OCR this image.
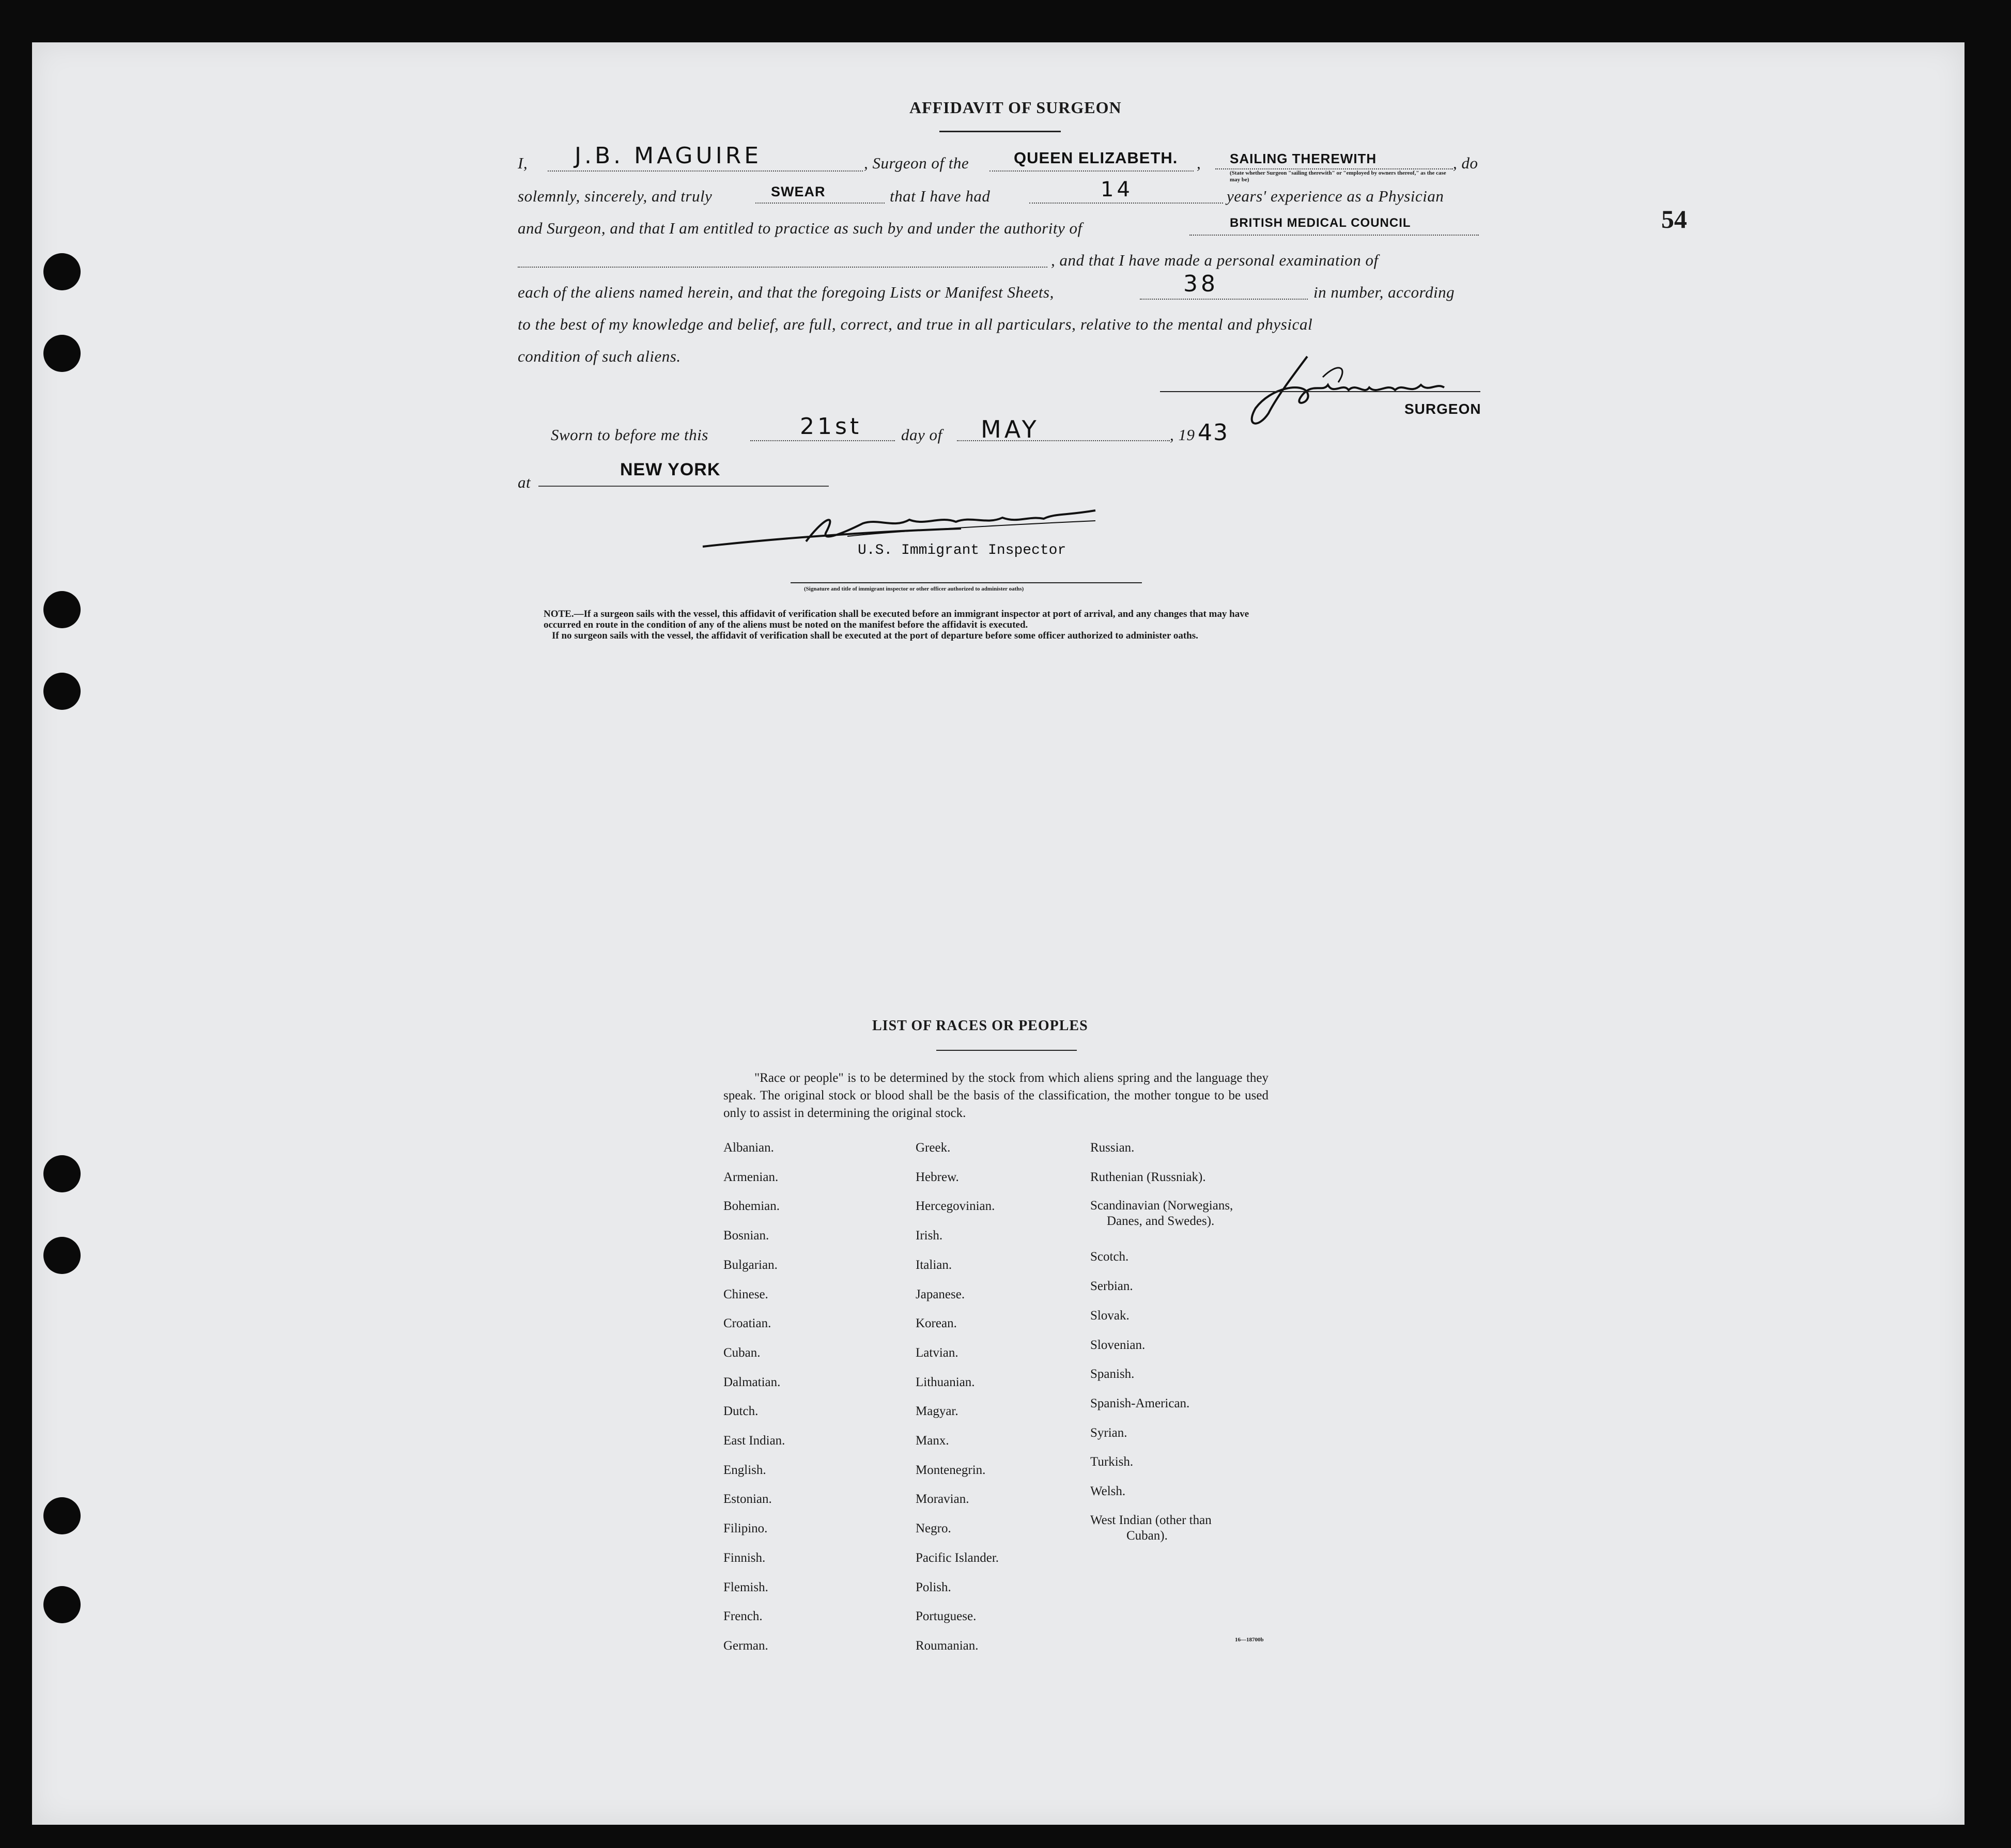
54
AFFIDAVIT OF SURGEON
I, J.B. MAGUIRE	, Surgeon of the	QUEEN ELIZABETH. , SAILING THEREWITH
(State whether Surgeon "sailing therewith" or "employed by owners thereof," as the case may be)
, do
solemnly, sincerely, and truly	SWEAR	that I have had	14	years' experience as a Physician
and Surgeon, and that I am entitled to practice as such by and under the authority of	BRITISH MEDICAL COUNCIL
, and that I have made a personal examination of
each of the aliens named herein, and that the foregoing Lists or Manifest Sheets,	38	in number, according
to the best of my knowledge and belief, are full, correct, and true in all particulars, relative to the mental and physical
condition of such aliens.
SURGEON
Sworn to before me this	21st day of MAY	, 19 43
at
NEW YORK
U.S. Immigrant Inspector
(Signature and title of immigrant inspector or other officer authorized to administer oaths)
NOTE.—If a surgeon sails with the vessel, this affidavit of verification shall be executed before an immigrant inspector at port of arrival, and any changes that may have
occurred en route in the condition of any of the aliens must be noted on the manifest before the affidavit is executed.
If no surgeon sails with the vessel, the affidavit of verification shall be executed at the port of departure before some officer authorized to administer oaths.
LIST OF RACES OR PEOPLES
"Race or people" is to be determined by the stock from which aliens spring and the language they speak. The original stock or blood shall be the basis of the classification, the mother tongue to be used only to assist in determining the original stock.
Albanian.
Armenian.
Bohemian.
Bosnian.
Bulgarian.
Chinese.
Croatian.
Cuban.
Dalmatian.
Dutch.
East Indian.
English.
Estonian.
Filipino.
Finnish.
Flemish.
French.
German.
Greek.
Hebrew.
Hercegovinian.
Irish.
Italian.
Japanese.
Korean.
Latvian.
Lithuanian.
Magyar.
Manx.
Montenegrin.
Moravian.
Negro.
Pacific Islander.
Polish.
Portuguese.
Roumanian.
Russian.
Ruthenian (Russniak).
Scandinavian (Norwegians,
Danes, and Swedes).
Scotch.
Serbian.
Slovak.
Slovenian.
Spanish.
Spanish-American.
Syrian.
Turkish.
Welsh.
West Indian (other than
Cuban).
16—18700b
